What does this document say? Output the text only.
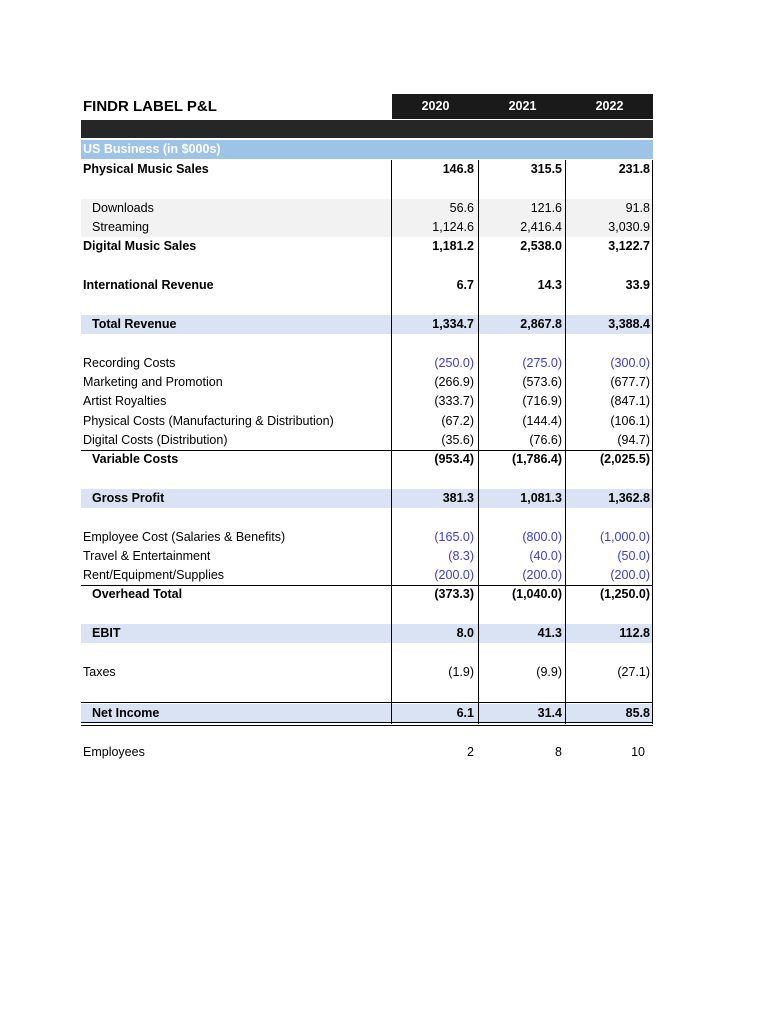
FINDR LABEL P&L	2020	2021	2022
US Business (in $000s)
Physical Music Sales	146.8	315.5	231.8
Downloads	56.6	121.6	91.8
Streaming	1,124.6	2,416.4	3,030.9
Digital Music Sales	1,181.2	2,538.0	3,122.7
International Revenue	6.7	14.3	33.9
Total Revenue	1,334.7	2,867.8	3,388.4
Recording Costs	(250.0)	(275.0)	(300.0)
Marketing and Promotion	(266.9)	(573.6)	(677.7)
Artist Royalties	(333.7)	(716.9)	(847.1)
Physical Costs (Manufacturing & Distribution)	(67.2)	(144.4)	(106.1)
Digital Costs (Distribution)	(35.6)	(76.6)	(94.7)
Variable Costs	(953.4)	(1,786.4)	(2,025.5)
Gross Profit	381.3	1,081.3	1,362.8
Employee Cost (Salaries & Benefits)	(165.0)	(800.0)	(1,000.0)
Travel & Entertainment	(8.3)	(40.0)	(50.0)
Rent/Equipment/Supplies	(200.0)	(200.0)	(200.0)
Overhead Total	(373.3)	(1,040.0)	(1,250.0)
EBIT	8.0	41.3	112.8
Taxes	(1.9)	(9.9)	(27.1)
Net Income	6.1	31.4	85.8
Employees	2	8	10
